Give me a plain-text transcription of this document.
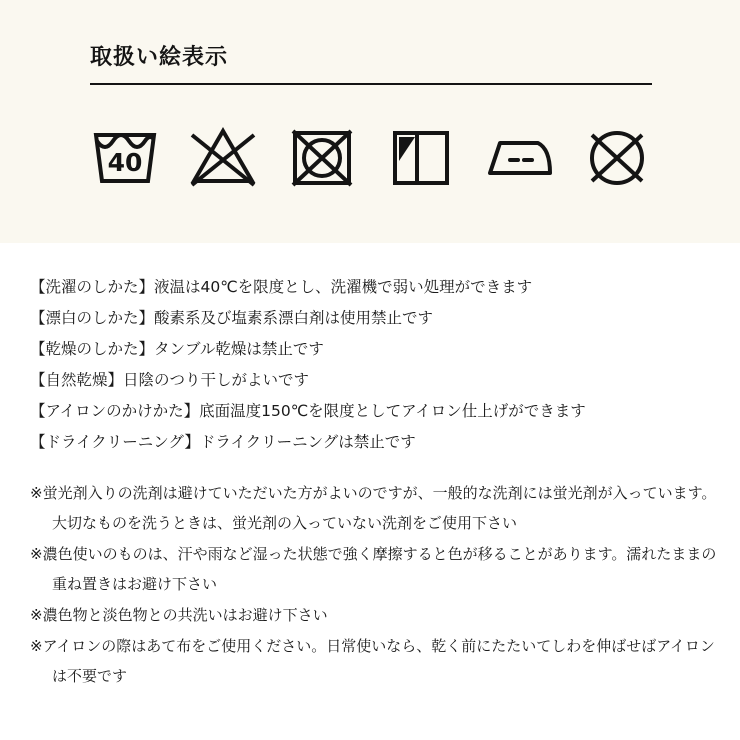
取扱い絵表示
40
【洗濯のしかた】液温は40℃を限度とし、洗濯機で弱い処理ができます
【漂白のしかた】酸素系及び塩素系漂白剤は使用禁止です
【乾燥のしかた】タンブル乾燥は禁止です
【自然乾燥】日陰のつり干しがよいです
【アイロンのかけかた】底面温度150℃を限度としてアイロン仕上げができます
【ドライクリーニング】ドライクリーニングは禁止です
※蛍光剤入りの洗剤は避けていただいた方がよいのですが、一般的な洗剤には蛍光剤が入っています。大切なものを洗うときは、蛍光剤の入っていない洗剤をご使用下さい
※濃色使いのものは、汗や雨など湿った状態で強く摩擦すると色が移ることがあります。濡れたままの重ね置きはお避け下さい
※濃色物と淡色物との共洗いはお避け下さい
※アイロンの際はあて布をご使用ください。日常使いなら、乾く前にたたいてしわを伸ばせばアイロンは不要です
